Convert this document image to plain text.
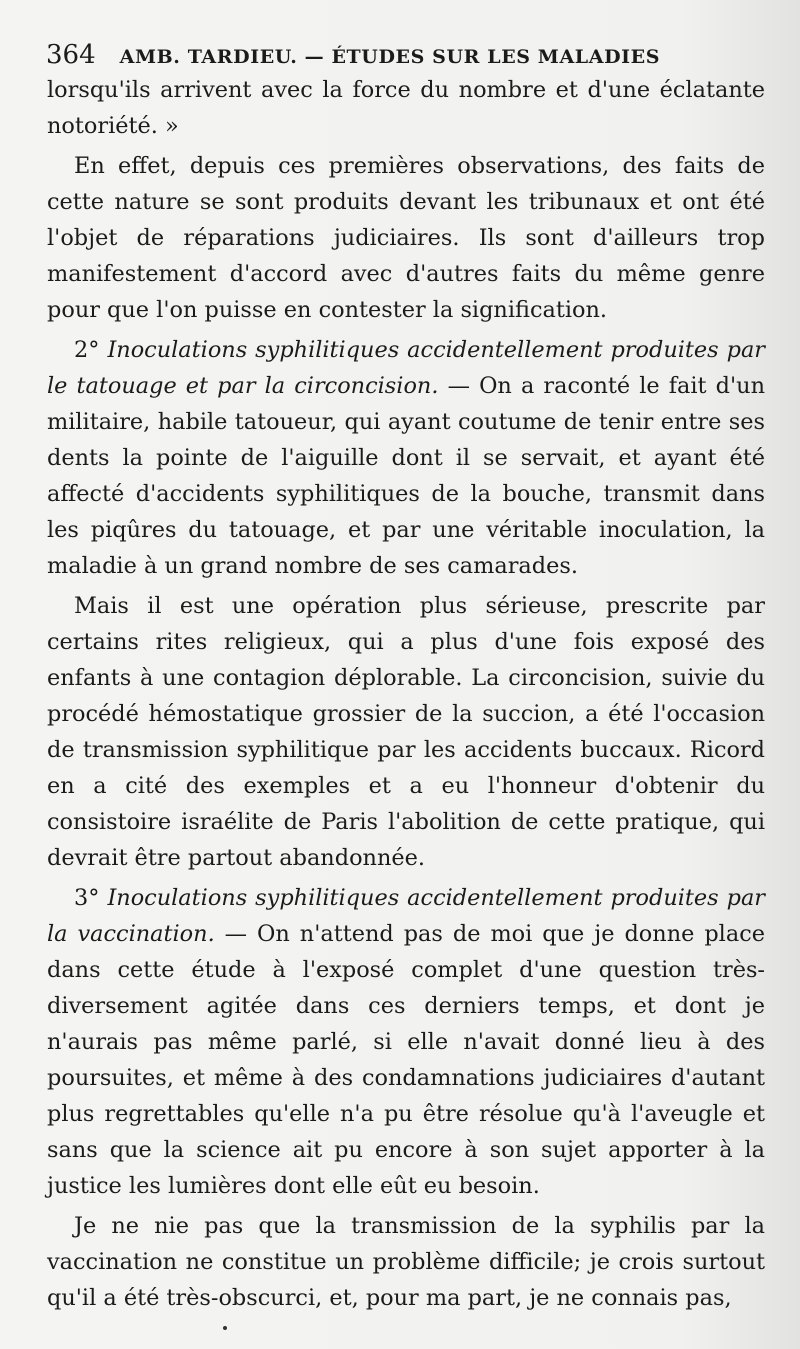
364 AMB. TARDIEU. — ÉTUDES SUR LES MALADIES

lorsqu'ils arrivent avec la force du nombre et d'une éclatante notoriété. »

En effet, depuis ces premières observations, des faits de cette nature se sont produits devant les tribunaux et ont été l'objet de réparations judiciaires. Ils sont d'ailleurs trop manifestement d'accord avec d'autres faits du même genre pour que l'on puisse en contester la signification.

2° Inoculations syphilitiques accidentellement produites par le tatouage et par la circoncision. — On a raconté le fait d'un militaire, habile tatoueur, qui ayant coutume de tenir entre ses dents la pointe de l'aiguille dont il se servait, et ayant été affecté d'accidents syphilitiques de la bouche, transmit dans les piqûres du tatouage, et par une véritable inoculation, la maladie à un grand nombre de ses camarades.

Mais il est une opération plus sérieuse, prescrite par certains rites religieux, qui a plus d'une fois exposé des enfants à une contagion déplorable. La circoncision, suivie du procédé hémostatique grossier de la succion, a été l'occasion de transmission syphilitique par les accidents buccaux. Ricord en a cité des exemples et a eu l'honneur d'obtenir du consistoire israélite de Paris l'abolition de cette pratique, qui devrait être partout abandonnée.

3° Inoculations syphilitiques accidentellement produites par la vaccination. — On n'attend pas de moi que je donne place dans cette étude à l'exposé complet d'une question très-diversement agitée dans ces derniers temps, et dont je n'aurais pas même parlé, si elle n'avait donné lieu à des poursuites, et même à des condamnations judiciaires d'autant plus regrettables qu'elle n'a pu être résolue qu'à l'aveugle et sans que la science ait pu encore à son sujet apporter à la justice les lumières dont elle eût eu besoin.

Je ne nie pas que la transmission de la syphilis par la vaccination ne constitue un problème difficile; je crois surtout qu'il a été très-obscurci, et, pour ma part, je ne connais pas,
